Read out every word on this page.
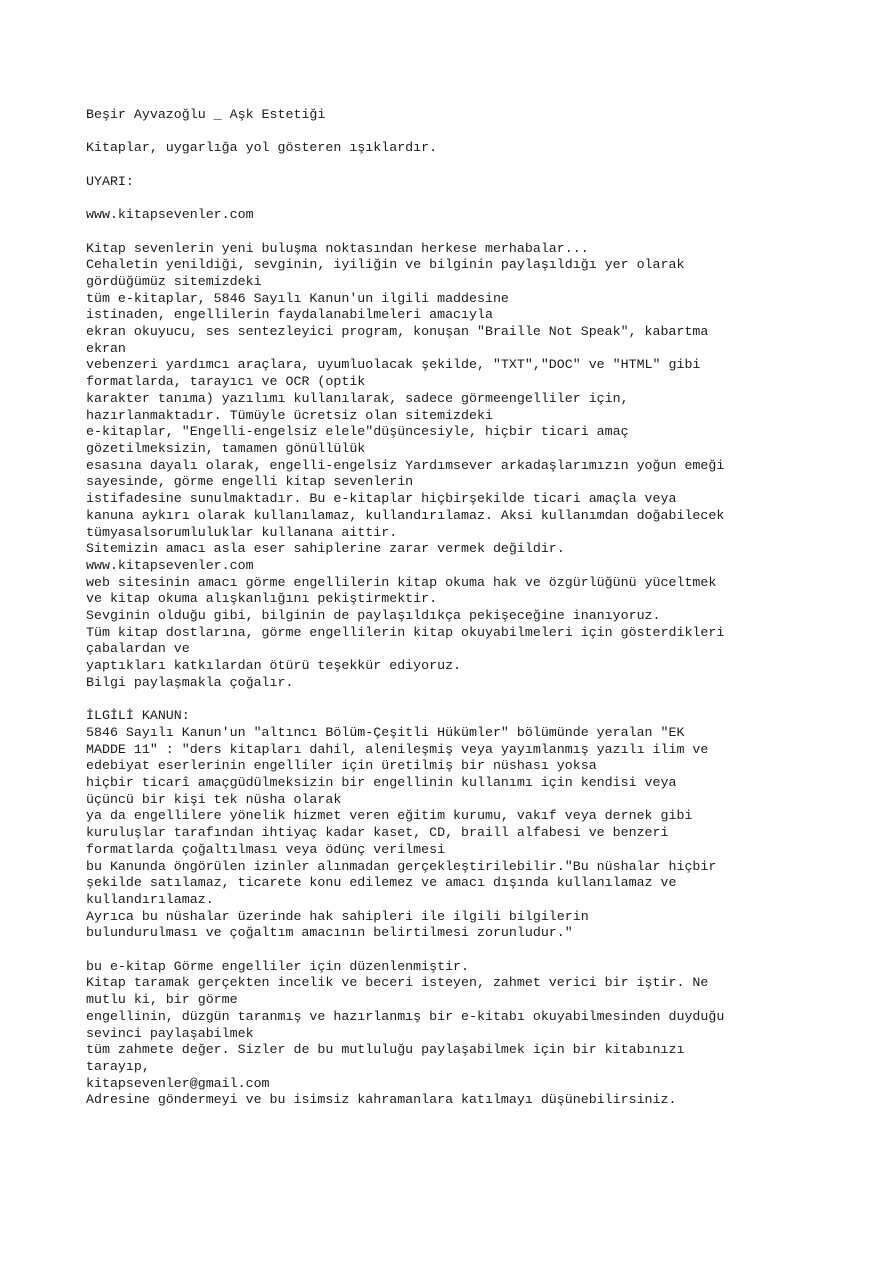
Beşir Ayvazoğlu _ Aşk Estetiği
Kitaplar, uygarlığa yol gösteren ışıklardır.
UYARI:
www.kitapsevenler.com
Kitap sevenlerin yeni buluşma noktasından herkese merhabalar...
Cehaletin yenildiği, sevginin, iyiliğin ve bilginin paylaşıldığı yer olarak
gördüğümüz sitemizdeki
tüm e-kitaplar, 5846 Sayılı Kanun'un ilgili maddesine
istinaden, engellilerin faydalanabilmeleri amacıyla
ekran okuyucu, ses sentezleyici program, konuşan "Braille Not Speak", kabartma
ekran
vebenzeri yardımcı araçlara, uyumluolacak şekilde, "TXT","DOC" ve "HTML" gibi
formatlarda, tarayıcı ve OCR (optik
karakter tanıma) yazılımı kullanılarak, sadece görmeengelliler için,
hazırlanmaktadır. Tümüyle ücretsiz olan sitemizdeki
e-kitaplar, "Engelli-engelsiz elele"düşüncesiyle, hiçbir ticari amaç
gözetilmeksizin, tamamen gönüllülük
esasına dayalı olarak, engelli-engelsiz Yardımsever arkadaşlarımızın yoğun emeği
sayesinde, görme engelli kitap sevenlerin
istifadesine sunulmaktadır. Bu e-kitaplar hiçbirşekilde ticari amaçla veya
kanuna aykırı olarak kullanılamaz, kullandırılamaz. Aksi kullanımdan doğabilecek
tümyasalsorumluluklar kullanana aittir.
Sitemizin amacı asla eser sahiplerine zarar vermek değildir.
www.kitapsevenler.com
web sitesinin amacı görme engellilerin kitap okuma hak ve özgürlüğünü yüceltmek
ve kitap okuma alışkanlığını pekiştirmektir.
Sevginin olduğu gibi, bilginin de paylaşıldıkça pekişeceğine inanıyoruz.
Tüm kitap dostlarına, görme engellilerin kitap okuyabilmeleri için gösterdikleri
çabalardan ve
yaptıkları katkılardan ötürü teşekkür ediyoruz.
Bilgi paylaşmakla çoğalır.
İLGİLİ KANUN:
5846 Sayılı Kanun'un "altıncı Bölüm-Çeşitli Hükümler" bölümünde yeralan "EK
MADDE 11" : "ders kitapları dahil, alenileşmiş veya yayımlanmış yazılı ilim ve
edebiyat eserlerinin engelliler için üretilmiş bir nüshası yoksa
hiçbir ticarî amaçgüdülmeksizin bir engellinin kullanımı için kendisi veya
üçüncü bir kişi tek nüsha olarak
ya da engellilere yönelik hizmet veren eğitim kurumu, vakıf veya dernek gibi
kuruluşlar tarafından ihtiyaç kadar kaset, CD, braill alfabesi ve benzeri
formatlarda çoğaltılması veya ödünç verilmesi
bu Kanunda öngörülen izinler alınmadan gerçekleştirilebilir."Bu nüshalar hiçbir
şekilde satılamaz, ticarete konu edilemez ve amacı dışında kullanılamaz ve
kullandırılamaz.
Ayrıca bu nüshalar üzerinde hak sahipleri ile ilgili bilgilerin
bulundurulması ve çoğaltım amacının belirtilmesi zorunludur."
bu e-kitap Görme engelliler için düzenlenmiştir.
Kitap taramak gerçekten incelik ve beceri isteyen, zahmet verici bir iştir. Ne
mutlu ki, bir görme
engellinin, düzgün taranmış ve hazırlanmış bir e-kitabı okuyabilmesinden duyduğu
sevinci paylaşabilmek
tüm zahmete değer. Sizler de bu mutluluğu paylaşabilmek için bir kitabınızı
tarayıp,
kitapsevenler@gmail.com
Adresine göndermeyi ve bu isimsiz kahramanlara katılmayı düşünebilirsiniz.
